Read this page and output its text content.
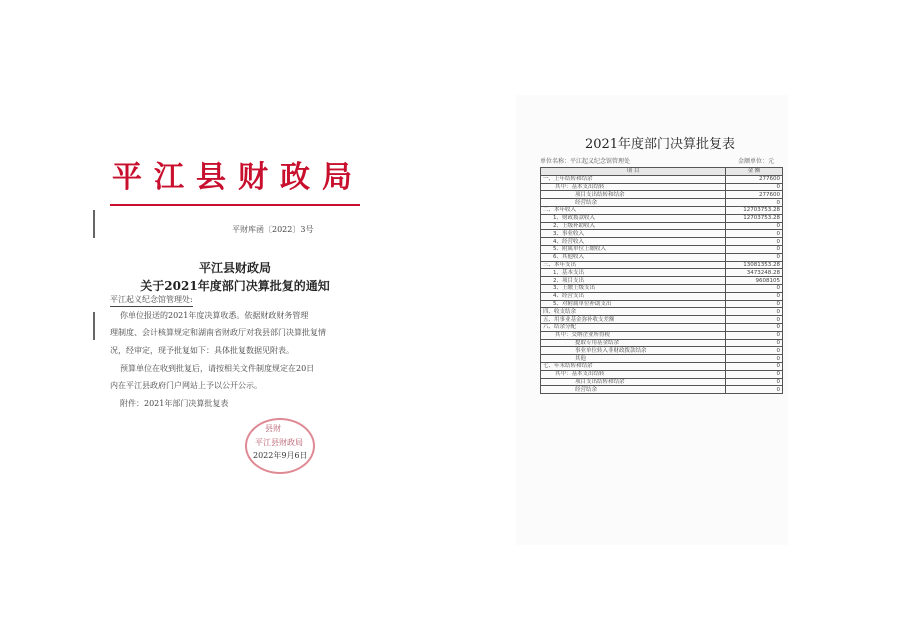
平江县财政局
平财库函〔2022〕3号
平江县财政局
关于2021年度部门决算批复的通知
平江起义纪念馆管理处:
你单位报送的2021年度决算收悉。依据财政财务管理
理制度、会计核算规定和湖南省财政厅对我县部门决算批复情
况，经审定，现予批复如下：具体批复数据见附表。
预算单位在收到批复后，请按相关文件制度规定在20日
内在平江县政府门户网站上予以公开公示。
附件：2021年部门决算批复表
县财
平江县财政局
2022年9月6日
2021年度部门决算批复表
单位名称：平江起义纪念馆管理处	金额单位：元
项 目	金 额
一、上年结转和结余	277600
其中：基本支出结转	0
项目支出结转和结余	277600
经营结余	0
二、本年收入	12703753.28
1、财政拨款收入	12703753.28
2、上级补助收入	0
3、事业收入	0
4、经营收入	0
5、附属单位上缴收入	0
6、其他收入	0
三、本年支出	13081353.28
1、基本支出	3473248.28
2、项目支出	9608105
3、上缴上级支出	0
4、经营支出	0
5、对附属单位补助支出	0
四、收支结余	0
五、用事业基金弥补收支差额	0
六、结余分配	0
其中：交纳企业所得税	0
提取专用基金结余	0
事业单位转入非财政拨款结余	0
其他	0
七、年末结转和结余	0
其中：基本支出结转	0
项目支出结转和结余	0
经营结余	0
